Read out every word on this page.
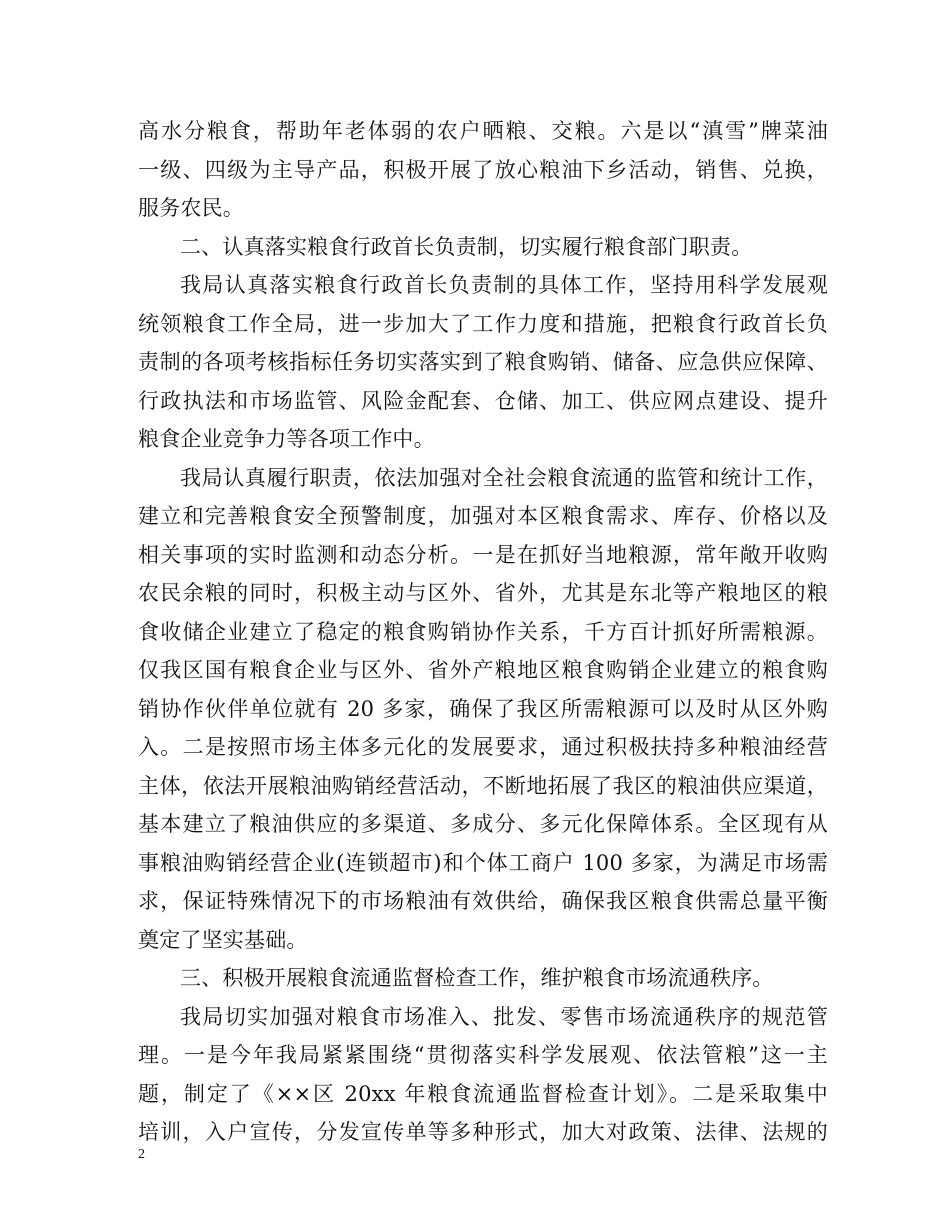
高水分粮食，帮助年老体弱的农户晒粮、交粮。六是以“滇雪”牌菜油
一级、四级为主导产品，积极开展了放心粮油下乡活动，销售、兑换，
服务农民。
二、认真落实粮食行政首长负责制，切实履行粮食部门职责。
我局认真落实粮食行政首长负责制的具体工作，坚持用科学发展观
统领粮食工作全局，进一步加大了工作力度和措施，把粮食行政首长负
责制的各项考核指标任务切实落实到了粮食购销、储备、应急供应保障、
行政执法和市场监管、风险金配套、仓储、加工、供应网点建设、提升
粮食企业竞争力等各项工作中。
我局认真履行职责，依法加强对全社会粮食流通的监管和统计工作，
建立和完善粮食安全预警制度，加强对本区粮食需求、库存、价格以及
相关事项的实时监测和动态分析。一是在抓好当地粮源，常年敞开收购
农民余粮的同时，积极主动与区外、省外，尤其是东北等产粮地区的粮
食收储企业建立了稳定的粮食购销协作关系，千方百计抓好所需粮源。
仅我区国有粮食企业与区外、省外产粮地区粮食购销企业建立的粮食购
销协作伙伴单位就有 20 多家，确保了我区所需粮源可以及时从区外购
入。二是按照市场主体多元化的发展要求，通过积极扶持多种粮油经营
主体，依法开展粮油购销经营活动，不断地拓展了我区的粮油供应渠道，
基本建立了粮油供应的多渠道、多成分、多元化保障体系。全区现有从
事粮油购销经营企业(连锁超市)和个体工商户 100 多家，为满足市场需
求，保证特殊情况下的市场粮油有效供给，确保我区粮食供需总量平衡
奠定了坚实基础。
三、积极开展粮食流通监督检查工作，维护粮食市场流通秩序。
我局切实加强对粮食市场准入、批发、零售市场流通秩序的规范管
理。一是今年我局紧紧围绕“贯彻落实科学发展观、依法管粮”这一主
题，制定了《××区 20xx 年粮食流通监督检查计划》。二是采取集中
培训，入户宣传，分发宣传单等多种形式，加大对政策、法律、法规的
2
